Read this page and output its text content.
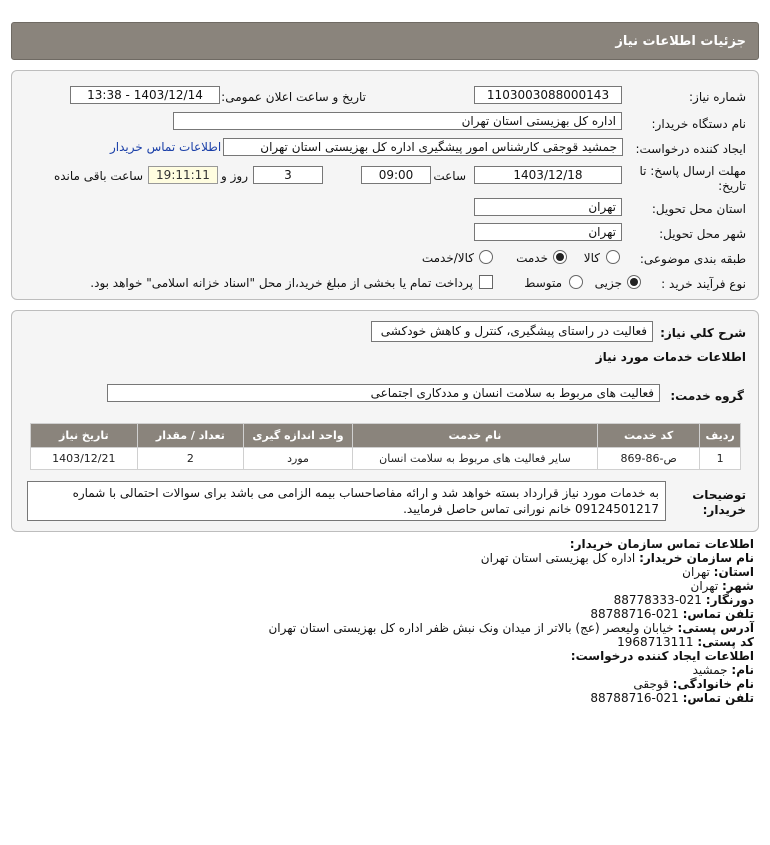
جزئیات اطلاعات نیاز
شماره نیاز:
1103003088000143
تاریخ و ساعت اعلان عمومی:
1403/12/14 - 13:38
نام دستگاه خریدار:
اداره کل بهزیستی استان تهران
ایجاد کننده درخواست:
جمشید قوجقی کارشناس امور پیشگیری اداره کل بهزیستی استان تهران
اطلاعات تماس خریدار
مهلت ارسال پاسخ: تا تاریخ:
1403/12/18
ساعت
09:00
3
روز و
19:11:11
ساعت باقی مانده
استان محل تحویل:
تهران
شهر محل تحویل:
تهران
طبقه بندی موضوعی:
کالا
خدمت
کالا/خدمت
نوع فرآیند خرید :
جزیی
متوسط
پرداخت تمام یا بخشی از مبلغ خرید،از محل "اسناد خزانه اسلامی" خواهد بود.
شرح کلي نياز:
فعالیت در راستای پیشگیری، کنترل و کاهش خودکشی
اطلاعات خدمات مورد نیاز
گروه خدمت:
فعالیت های مربوط به سلامت انسان و مددکاری اجتماعی
ردیف	کد خدمت	نام خدمت	واحد اندازه گیری	تعداد / مقدار	تاریخ نیاز
1	ص-86-869	سایر فعالیت های مربوط به سلامت انسان	مورد	2	1403/12/21
توضیحات خریدار:
به خدمات مورد نیاز قرارداد بسته خواهد شد و ارائه مفاصاحساب بیمه الزامی می باشد برای سوالات احتمالی با شماره 09124501217 خانم نورانی تماس حاصل فرمایید.
اطلاعات تماس سازمان خریدار:
نام سازمان خریدار: اداره کل بهزیستی استان تهران
استان: تهران
شهر: تهران
دورنگار: 021-88778333
تلفن تماس: 021-88788716
آدرس پستی: خیابان ولیعصر (عج) بالاتر از میدان ونک نبش ظفر اداره کل بهزیستی استان تهران
کد پستی: 1968713111
اطلاعات ایجاد کننده درخواست:
نام: جمشید
نام خانوادگی: قوجقی
تلفن تماس: 021-88788716
